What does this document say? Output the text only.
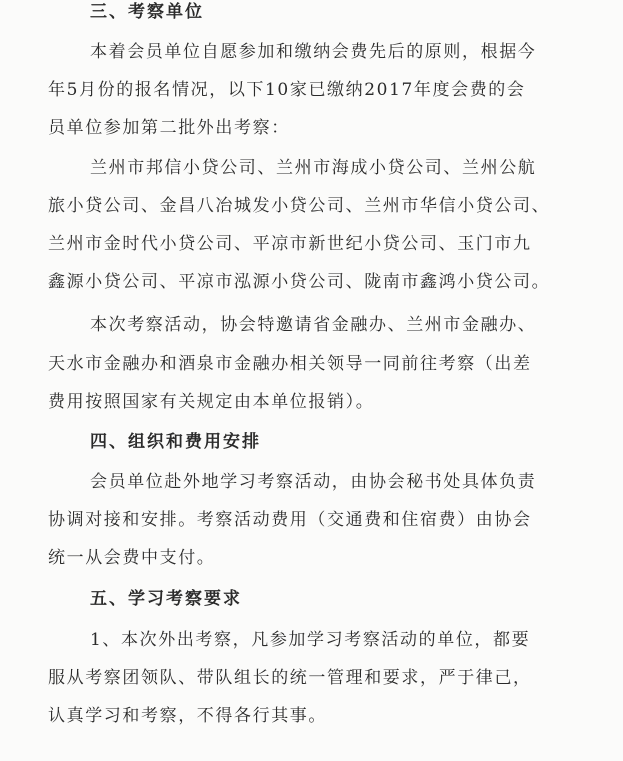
三、考察单位
本着会员单位自愿参加和缴纳会费先后的原则，根据今
年5月份的报名情况，以下10家已缴纳2017年度会费的会
员单位参加第二批外出考察：
兰州市邦信小贷公司、兰州市海成小贷公司、兰州公航
旅小贷公司、金昌八冶城发小贷公司、兰州市华信小贷公司、
兰州市金时代小贷公司、平凉市新世纪小贷公司、玉门市九
鑫源小贷公司、平凉市泓源小贷公司、陇南市鑫鸿小贷公司。
本次考察活动，协会特邀请省金融办、兰州市金融办、
天水市金融办和酒泉市金融办相关领导一同前往考察（出差
费用按照国家有关规定由本单位报销）。
四、组织和费用安排
会员单位赴外地学习考察活动，由协会秘书处具体负责
协调对接和安排。考察活动费用（交通费和住宿费）由协会
统一从会费中支付。
五、学习考察要求
1、本次外出考察，凡参加学习考察活动的单位，都要
服从考察团领队、带队组长的统一管理和要求，严于律己，
认真学习和考察，不得各行其事。
